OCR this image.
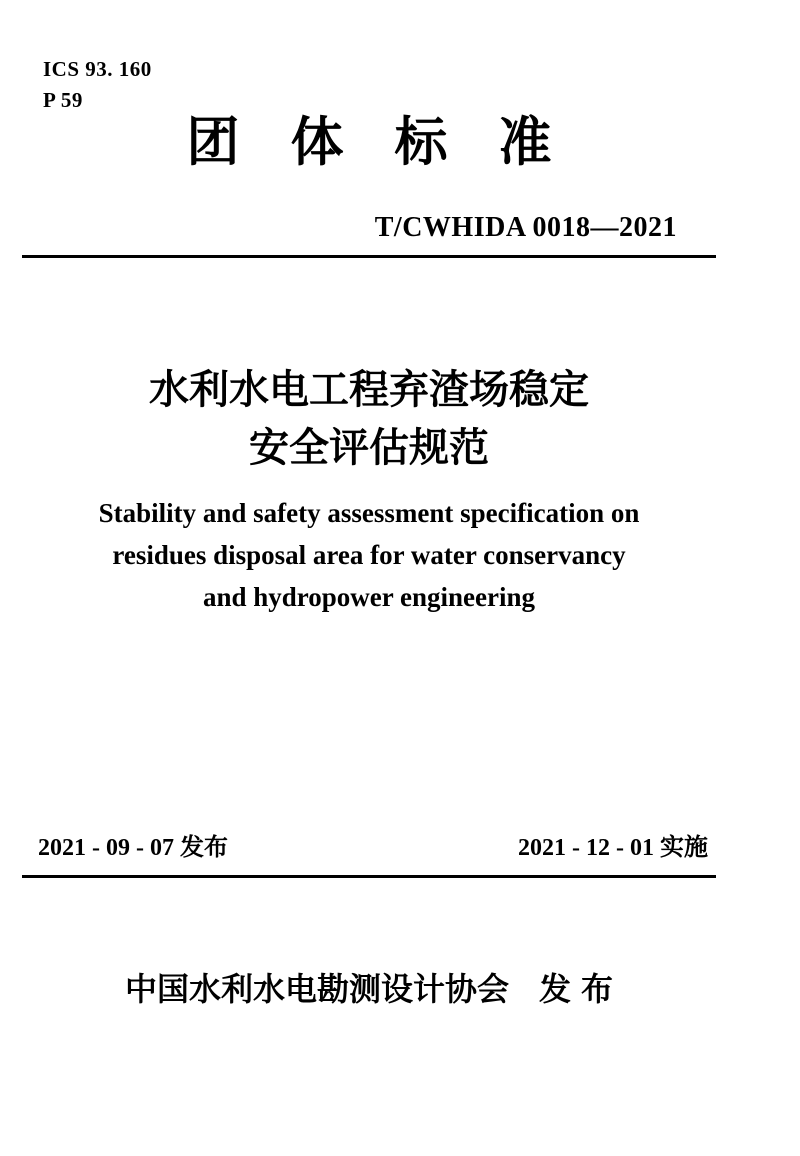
ICS 93. 160
P 59
团体标准
T/CWHIDA 0018—2021
水利水电工程弃渣场稳定
安全评估规范
Stability and safety assessment specification on
residues disposal area for water conservancy
and hydropower engineering
2021 - 09 - 07 发布	2021 - 12 - 01 实施
中国水利水电勘测设计协会 发布
